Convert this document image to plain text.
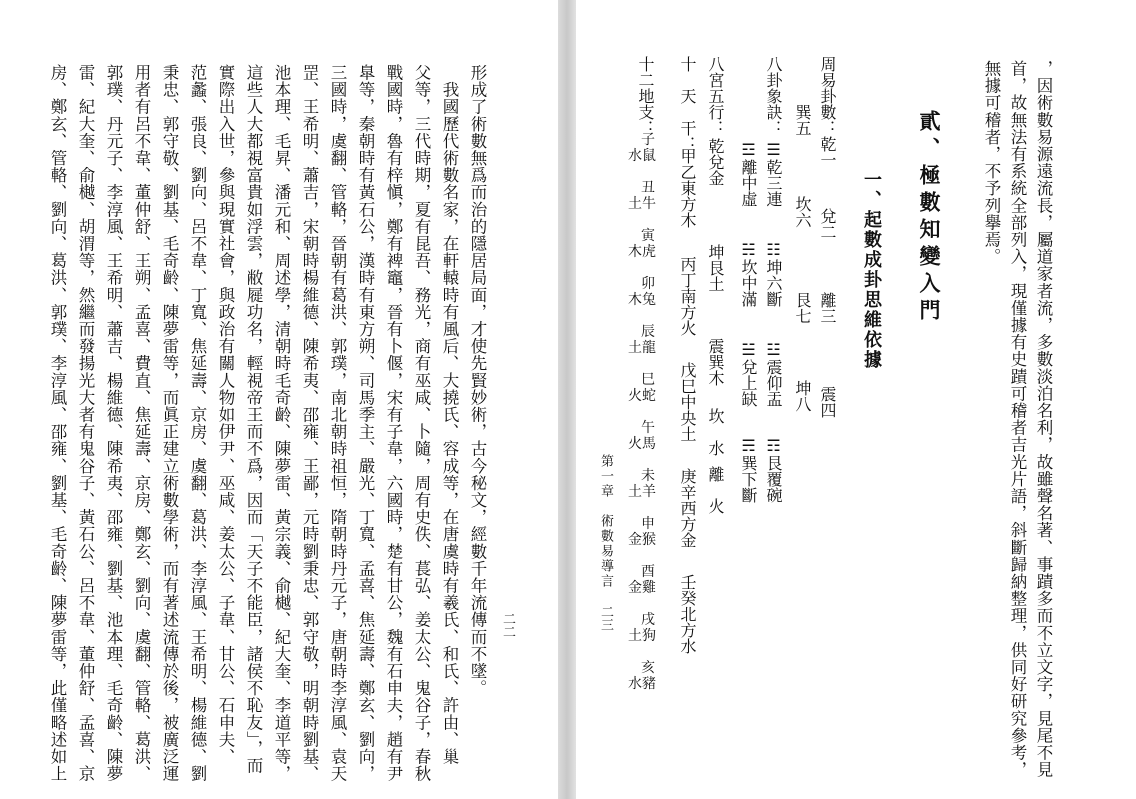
二二
形成了術數無爲而治的隱居局面，才使先賢妙術，古今秘文，經數千年流傳而不墜。
　我國歷代術數名家，在軒轅時有風后、大撓氏、容成等，在唐虞時有羲氏、和氏、許由、巢
父等，三代時期，夏有昆吾、務光，商有巫咸、卜隨，周有史佚、萇弘、姜太公、鬼谷子，春秋
戰國時，魯有梓愼，鄭有裨竈，晉有卜偃，宋有子韋，六國時，楚有甘公，魏有石申夫，趙有尹
臯等，秦朝時有黃石公，漢時有東方朔、司馬季主、嚴光、丁寬、孟喜、焦延壽、鄭玄、劉向，
三國時，虞翻、管輅，晉朝有葛洪、郭璞，南北朝時祖恒，隋朝時丹元子，唐朝時李淳風、袁天
罡、王希明、蕭吉，宋朝時楊維德、陳希夷、邵雍、王鄙，元時劉秉忠、郭守敬，明朝時劉基、
池本理、毛昇、潘元和、周述學，清朝時毛奇齡、陳夢雷、黃宗義、俞樾、紀大奎、李道平等，
這些人大都視富貴如浮雲，敝屣功名，輕視帝王而不爲，因而「天子不能臣，諸侯不恥友」，而
實際出入世，參與現實社會，與政治有關人物如伊尹、巫咸、姜太公、子韋、甘公、石申夫、
范蠡、張良、劉向、呂不韋、丁寬、焦延壽、京房、虞翻、葛洪、李淳風、王希明、楊維德、劉
秉忠、郭守敬、劉基、毛奇齡、陳夢雷等，而眞正建立術數學術，而有著述流傳於後，被廣泛運
用者有呂不韋、董仲舒、王朔、孟喜、費直、焦延壽、京房、鄭玄、劉向、虞翻、管輅、葛洪、
郭璞、丹元子、李淳風、王希明、蕭吉、楊維德、陳希夷、邵雍、劉基、池本理、毛奇齡、陳夢
雷、紀大奎、俞樾、胡渭等，然繼而發揚光大者有鬼谷子、黃石公、呂不韋、董仲舒、孟喜、京
房、鄭玄、管輅、劉向、葛洪、郭璞、李淳風、邵雍、劉基、毛奇齡、陳夢雷等，此僅略述如上	，因術數易源遠流長，屬道家者流，多數淡泊名利，故雖聲名著、事蹟多而不立文字，見尾不見
首，故無法有系統全部列入，現僅據有史蹟可稽者吉光片語，斜斷歸納整理，供同好研究參考，
無據可稽者，不予列擧焉。
貳、極數知變入門
一、起數成卦思維依據
周易卦數：
乾一
兌二
離三
震四
巽五
坎六
艮七
坤八
八卦象訣：
☰乾三連
☷坤六斷
☳震仰盂
☶艮覆碗
☲離中虛
☵坎中滿
☱兌上缺
☴巽下斷
八宮五行：
乾兌金
坤艮土
震巽木
坎　水
離　火
十　天　干：
甲乙東方木
丙丁南方火
戊巳中央土
庚辛西方金
壬癸北方水
十二地支：
子
水鼠
丑
土牛
寅
木虎
卯
木兔
辰
土龍
巳
火蛇
午
火馬
未
土羊
申
金猴
酉
金雞
戌
土狗
亥
水豬
第一章　術數易導言
二三
